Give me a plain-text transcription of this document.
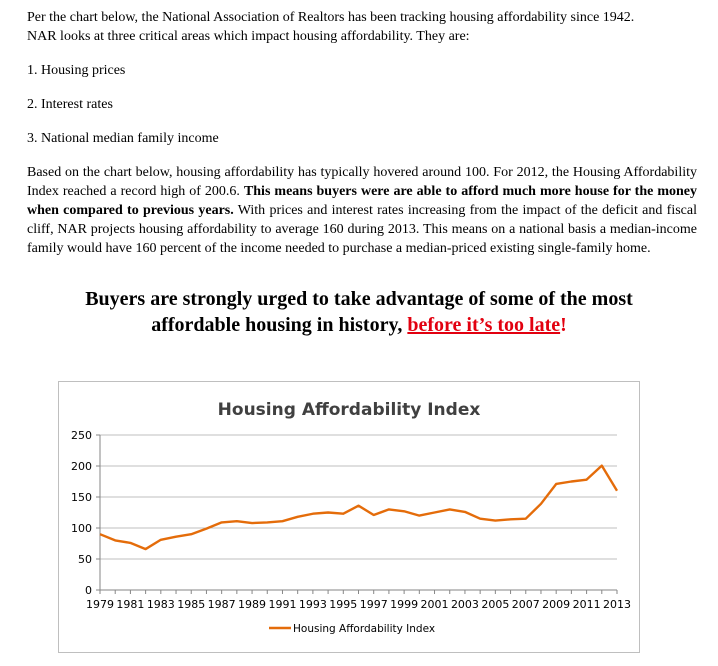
Per the chart below, the National Association of Realtors has been tracking housing affordability since 1942.
NAR looks at three critical areas which impact housing affordability. They are:

1. Housing prices

2. Interest rates

3. National median family income

Based on the chart below, housing affordability has typically hovered around 100. For 2012, the Housing Affordability Index reached a record high of 200.6. This means buyers were are able to afford much more house for the money when compared to previous years. With prices and interest rates increasing from the impact of the deficit and fiscal cliff, NAR projects housing affordability to average 160 during 2013. This means on a national basis a median-income family would have 160 percent of the income needed to purchase a median-priced existing single-family home.

Buyers are strongly urged to take advantage of some of the most
affordable housing in history, before it’s too late!
Housing Affordability Index
0
50
100
150
200
250
1979 1981 1983 1985 1987 1989 1991 1993 1995 1997 1999 2001 2003 2005 2007 2009 2011 2013
Housing Affordability Index
